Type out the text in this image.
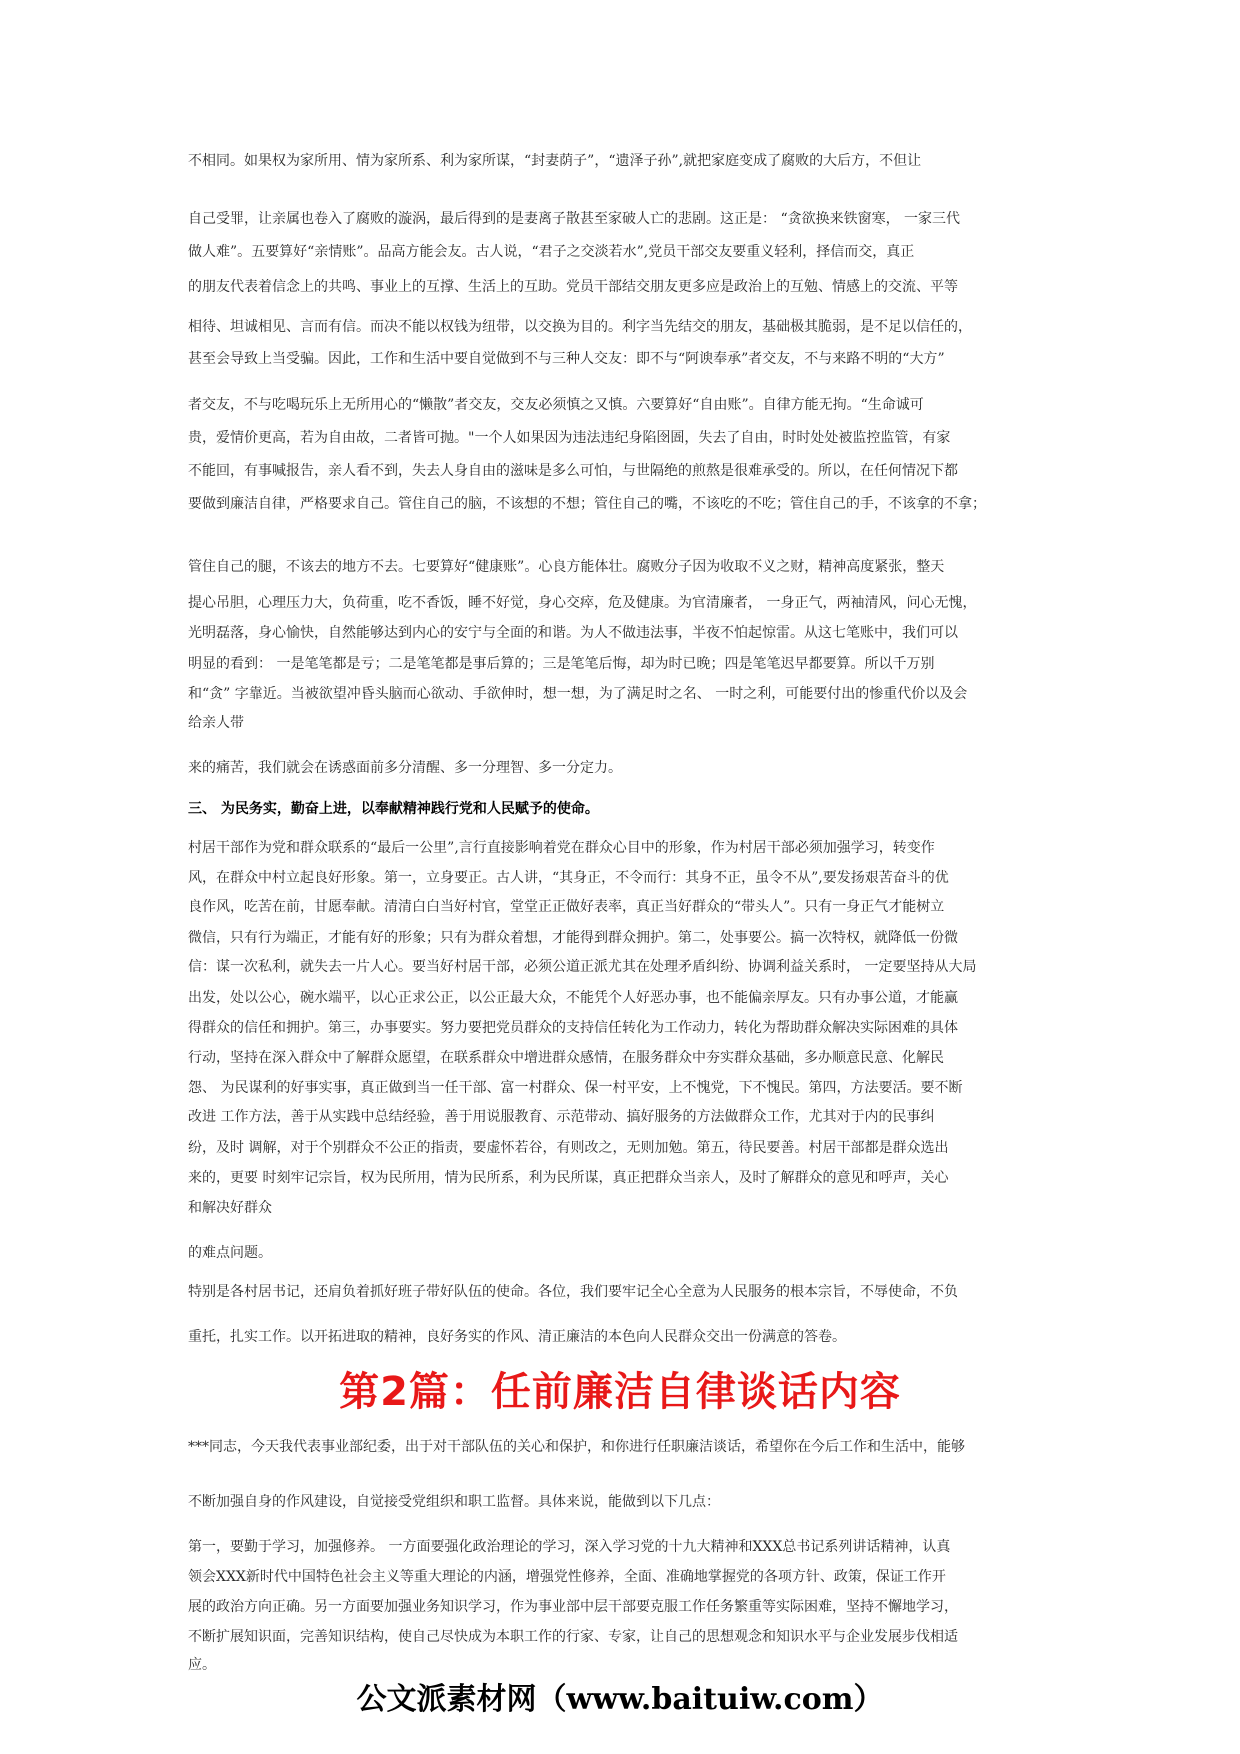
不相同。如果权为家所用、情为家所系、利为家所谋，“封妻荫子”，“遗泽子孙”,就把家庭变成了腐败的大后方，不但让
自己受罪，让亲属也卷入了腐败的漩涡，最后得到的是妻离子散甚至家破人亡的悲剧。这正是： “贪欲换来铁窗寒， 一家三代
做人难”。五要算好“亲情账”。品高方能会友。古人说，“君子之交淡若水”,党员干部交友要重义轻利，择信而交，真正
的朋友代表着信念上的共鸣、事业上的互撑、生活上的互助。党员干部结交朋友更多应是政治上的互勉、情感上的交流、平等
相待、坦诚相见、言而有信。而决不能以权钱为纽带，以交换为目的。利字当先结交的朋友，基础极其脆弱，是不足以信任的，
甚至会导致上当受骗。因此，工作和生活中要自觉做到不与三种人交友：即不与“阿谀奉承”者交友，不与来路不明的“大方”
者交友，不与吃喝玩乐上无所用心的“懒散”者交友，交友必须慎之又慎。六要算好“自由账”。自律方能无拘。“生命诚可
贵，爱情价更高，若为自由故，二者皆可抛。"一个人如果因为违法违纪身陷囹圄，失去了自由，时时处处被监控监管，有家
不能回，有事喊报告，亲人看不到，失去人身自由的滋味是多么可怕，与世隔绝的煎熬是很难承受的。所以，在任何情况下都
要做到廉洁自律，严格要求自己。管住自己的脑，不该想的不想；管住自己的嘴，不该吃的不吃；管住自己的手，不该拿的不拿；
管住自己的腿，不该去的地方不去。七要算好“健康账”。心良方能体壮。腐败分子因为收取不义之财，精神高度紧张，整天
提心吊胆，心理压力大，负荷重，吃不香饭，睡不好觉，身心交瘁，危及健康。为官清廉者， 一身正气，两袖清风，问心无愧，
光明磊落，身心愉快，自然能够达到内心的安宁与全面的和谐。为人不做违法事，半夜不怕起惊雷。从这七笔账中，我们可以
明显的看到： 一是笔笔都是亏；二是笔笔都是事后算的；三是笔笔后悔，却为时已晚；四是笔笔迟早都要算。所以千万别
和“贪” 字靠近。当被欲望冲昏头脑而心欲动、手欲伸时，想一想，为了满足时之名、 一时之利，可能要付出的惨重代价以及会
给亲人带
来的痛苦，我们就会在诱惑面前多分清醒、多一分理智、多一分定力。
三、 为民务实，勤奋上进，以奉献精神践行党和人民赋予的使命。
村居干部作为党和群众联系的“最后一公里”,言行直接影响着党在群众心目中的形象，作为村居干部必须加强学习，转变作
风，在群众中村立起良好形象。第一，立身要正。古人讲，“其身正，不令而行：其身不正，虽令不从”,要发扬艰苦奋斗的优
良作风，吃苦在前，甘愿奉献。清清白白当好村官，堂堂正正做好表率，真正当好群众的“带头人”。只有一身正气才能树立
微信，只有行为端正，才能有好的形象；只有为群众着想，才能得到群众拥护。第二，处事要公。搞一次特权，就降低一份微
信：谋一次私利，就失去一片人心。要当好村居干部，必须公道正派尤其在处理矛盾纠纷、协调利益关系时， 一定要坚持从大局
出发，处以公心，碗水端平，以心正求公正，以公正最大众，不能凭个人好恶办事，也不能偏亲厚友。只有办事公道，才能赢
得群众的信任和拥护。第三，办事要实。努力要把党员群众的支持信任转化为工作动力，转化为帮助群众解决实际困难的具体
行动，坚持在深入群众中了解群众愿望，在联系群众中增进群众感情，在服务群众中夯实群众基础，多办顺意民意、化解民
怨、 为民谋利的好事实事，真正做到当一任干部、富一村群众、保一村平安，上不愧党，下不愧民。第四，方法要活。要不断
改进 工作方法，善于从实践中总结经验，善于用说服教育、示范带动、搞好服务的方法做群众工作，尤其对于内的民事纠
纷，及时 调解，对于个别群众不公正的指责，要虚怀若谷，有则改之，无则加勉。第五，待民要善。村居干部都是群众选出
来的，更要 时刻牢记宗旨，权为民所用，情为民所系，利为民所谋，真正把群众当亲人，及时了解群众的意见和呼声，关心
和解决好群众
的难点问题。
特别是各村居书记，还肩负着抓好班子带好队伍的使命。各位，我们要牢记全心全意为人民服务的根本宗旨，不辱使命，不负
重托，扎实工作。以开拓进取的精神，良好务实的作风、清正廉洁的本色向人民群众交出一份满意的答卷。
第2篇：任前廉洁自律谈话内容
***同志，今天我代表事业部纪委，出于对干部队伍的关心和保护，和你进行任职廉洁谈话，希望你在今后工作和生活中，能够
不断加强自身的作风建设，自觉接受党组织和职工监督。具体来说，能做到以下几点：
第一，要勤于学习，加强修养。 一方面要强化政治理论的学习，深入学习党的十九大精神和XXX总书记系列讲话精神，认真
领会XXX新时代中国特色社会主义等重大理论的内涵，增强党性修养，全面、准确地掌握党的各项方针、政策，保证工作开
展的政治方向正确。另一方面要加强业务知识学习，作为事业部中层干部要克服工作任务繁重等实际困难，坚持不懈地学习，
不断扩展知识面，完善知识结构，使自己尽快成为本职工作的行家、专家，让自己的思想观念和知识水平与企业发展步伐相适
应。
公文派素材网（www.baituiw.com）
